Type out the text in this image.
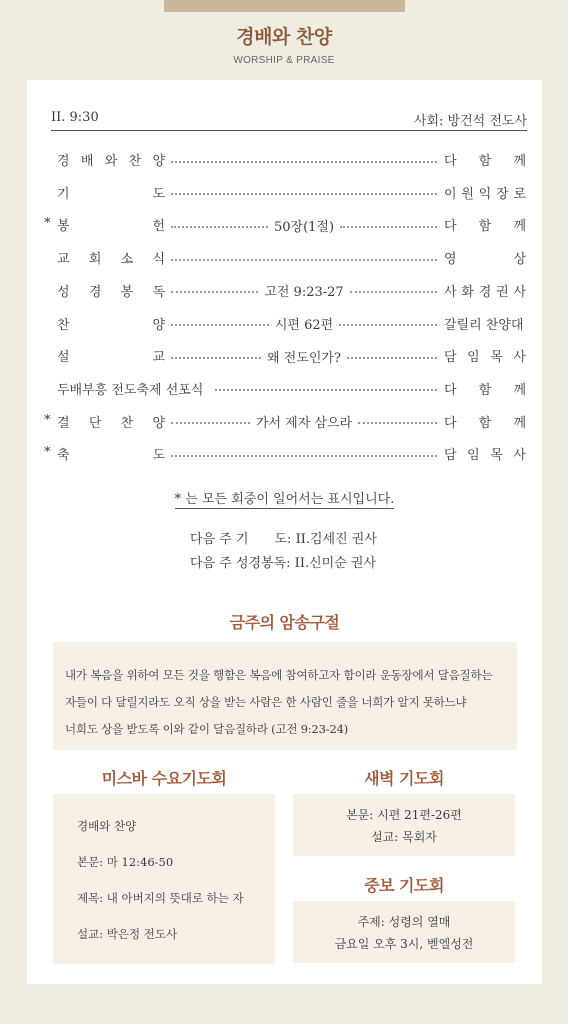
경배와 찬양
WORSHIP & PRAISE
II. 9:30	사회: 방건석 전도사
경 배 와 찬 양	다 함 께
기	도	이 원 익 장 로
* 봉	헌	50장(1절)	다 함 께
교 회 소 식	영	상
성 경 봉 독	고전 9:23-27	사 화 경 권 사
찬	양	시편 62편	갈릴리 찬양대
설	교	왜 전도인가?	담 임 목 사
두배부흥 전도축제 선포식	다 함 께
* 결 단 찬 양	가서 제자 삼으라	다 함 께
* 축	도	담 임 목 사
* 는 모든 회중이 일어서는 표시입니다.
다음 주 기　　도: II.김세진 권사
다음 주 성경봉독: II.신미순 권사
금주의 암송구절

내가 복음을 위하여 모든 것을 행함은 복음에 참여하고자 함이라 운동장에서 달음질하는
자들이 다 달릴지라도 오직 상을 받는 사람은 한 사람인 줄을 너희가 알지 못하느냐
너희도 상을 받도록 이와 같이 달음질하라 (고전 9:23-24)

미스바 수요기도회
경배와 찬양
본문: 마 12:46-50
제목: 내 아버지의 뜻대로 하는 자
설교: 박은정 전도사
새벽 기도회
본문: 시편 21편-26편
설교: 목회자
중보 기도회
주제: 성령의 열매
금요일 오후 3시, 벧엘성전
